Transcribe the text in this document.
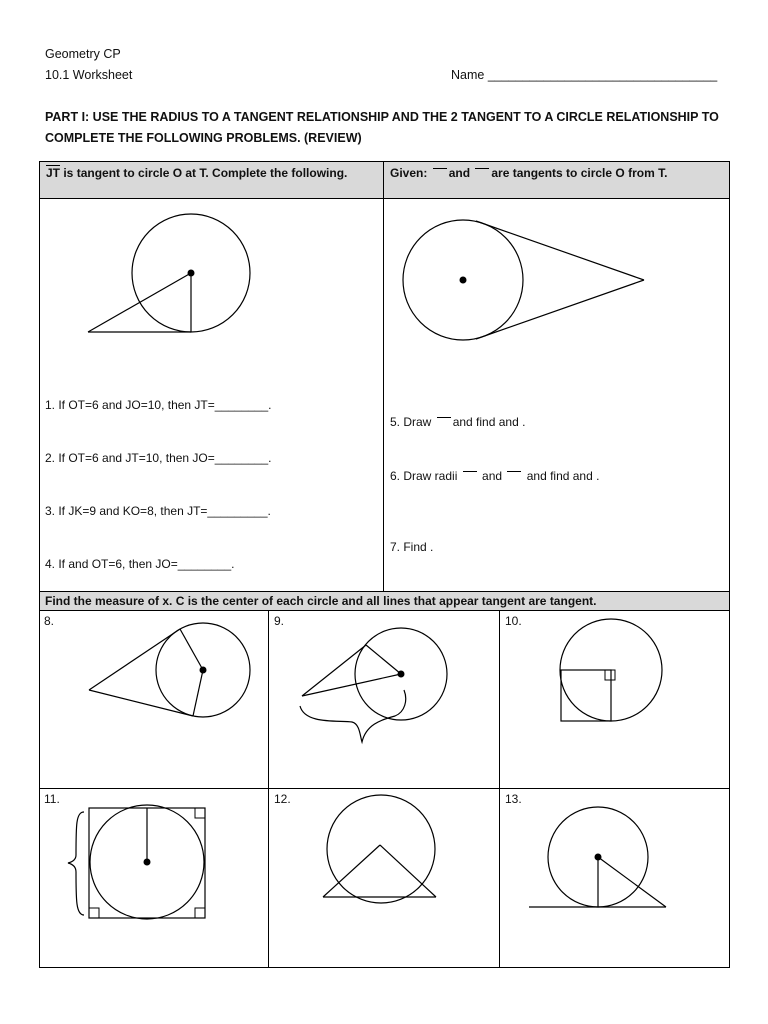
Geometry CP
10.1 Worksheet	Name _________________________________
PART I: USE THE RADIUS TO A TANGENT RELATIONSHIP AND THE 2 TANGENT TO A CIRCLE RELATIONSHIP TO COMPLETE THE FOLLOWING PROBLEMS. (REVIEW)
JT is tangent to circle O at T. Complete the following.	Given: and are tangents to circle O from T.
1. If OT=6 and JO=10, then JT=________.
2. If OT=6 and JT=10, then JO=________.
3. If JK=9 and KO=8, then JT=_________.
4. If and OT=6, then JO=________.
5. Draw and find and .
6. Draw radii  and  and find and .
7. Find .
Find the measure of x. C is the center of each circle and all lines that appear tangent are tangent.
8.	9.	10.
11.	12.	13.
